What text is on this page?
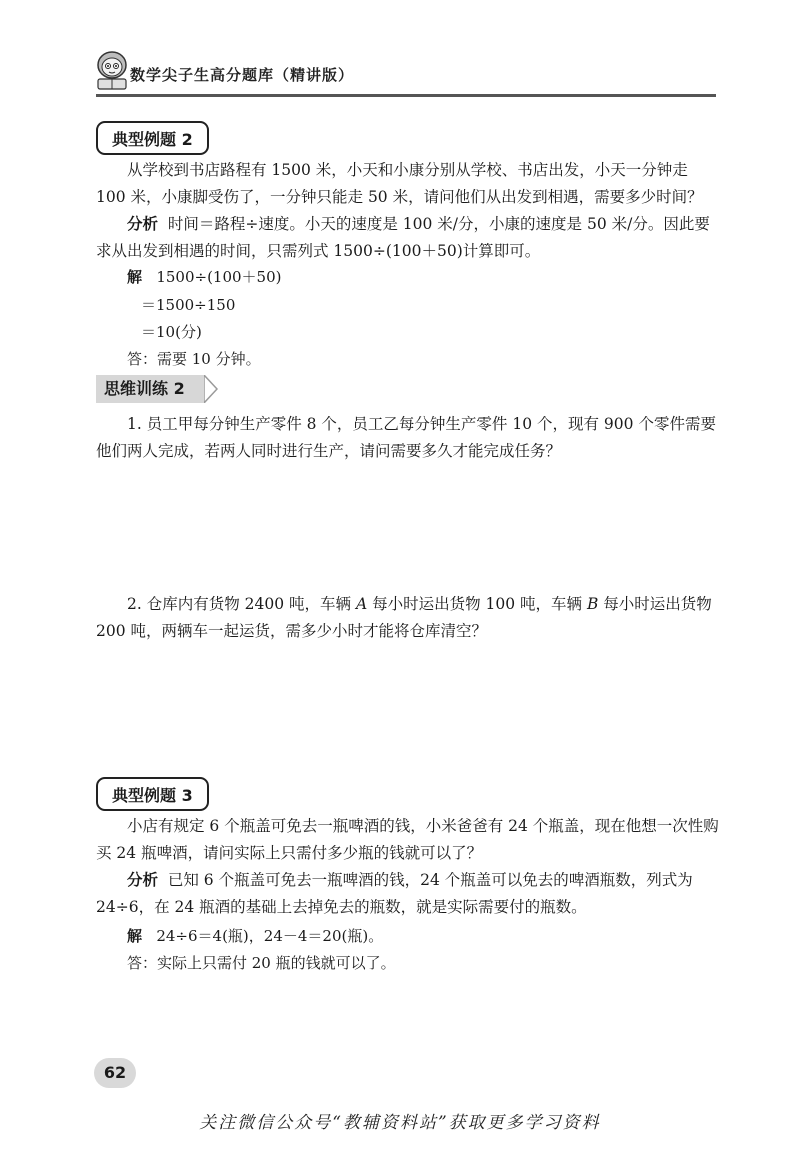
数学尖子生高分题库（精讲版）
典型例题 2
从学校到书店路程有 1500 米，小天和小康分别从学校、书店出发，小天一分钟走 100 米，小康脚受伤了，一分钟只能走 50 米，请问他们从出发到相遇，需要多少时间？
分析 时间＝路程÷速度。小天的速度是 100 米/分，小康的速度是 50 米/分。因此要求从出发到相遇的时间，只需列式 1500÷(100＋50)计算即可。
解 1500÷(100＋50)
＝1500÷150
＝10(分)
答：需要 10 分钟。
思维训练 2
1. 员工甲每分钟生产零件 8 个，员工乙每分钟生产零件 10 个，现有 900 个零件需要他们两人完成，若两人同时进行生产，请问需要多久才能完成任务？
2. 仓库内有货物 2400 吨，车辆 A 每小时运出货物 100 吨，车辆 B 每小时运出货物 200 吨，两辆车一起运货，需多少小时才能将仓库清空？
典型例题 3
小店有规定 6 个瓶盖可免去一瓶啤酒的钱，小米爸爸有 24 个瓶盖，现在他想一次性购买 24 瓶啤酒，请问实际上只需付多少瓶的钱就可以了？
分析 已知 6 个瓶盖可免去一瓶啤酒的钱，24 个瓶盖可以免去的啤酒瓶数，列式为 24÷6，在 24 瓶酒的基础上去掉免去的瓶数，就是实际需要付的瓶数。
解 24÷6＝4(瓶)，24－4＝20(瓶)。
答：实际上只需付 20 瓶的钱就可以了。
62
关注微信公众号“教辅资料站”获取更多学习资料
